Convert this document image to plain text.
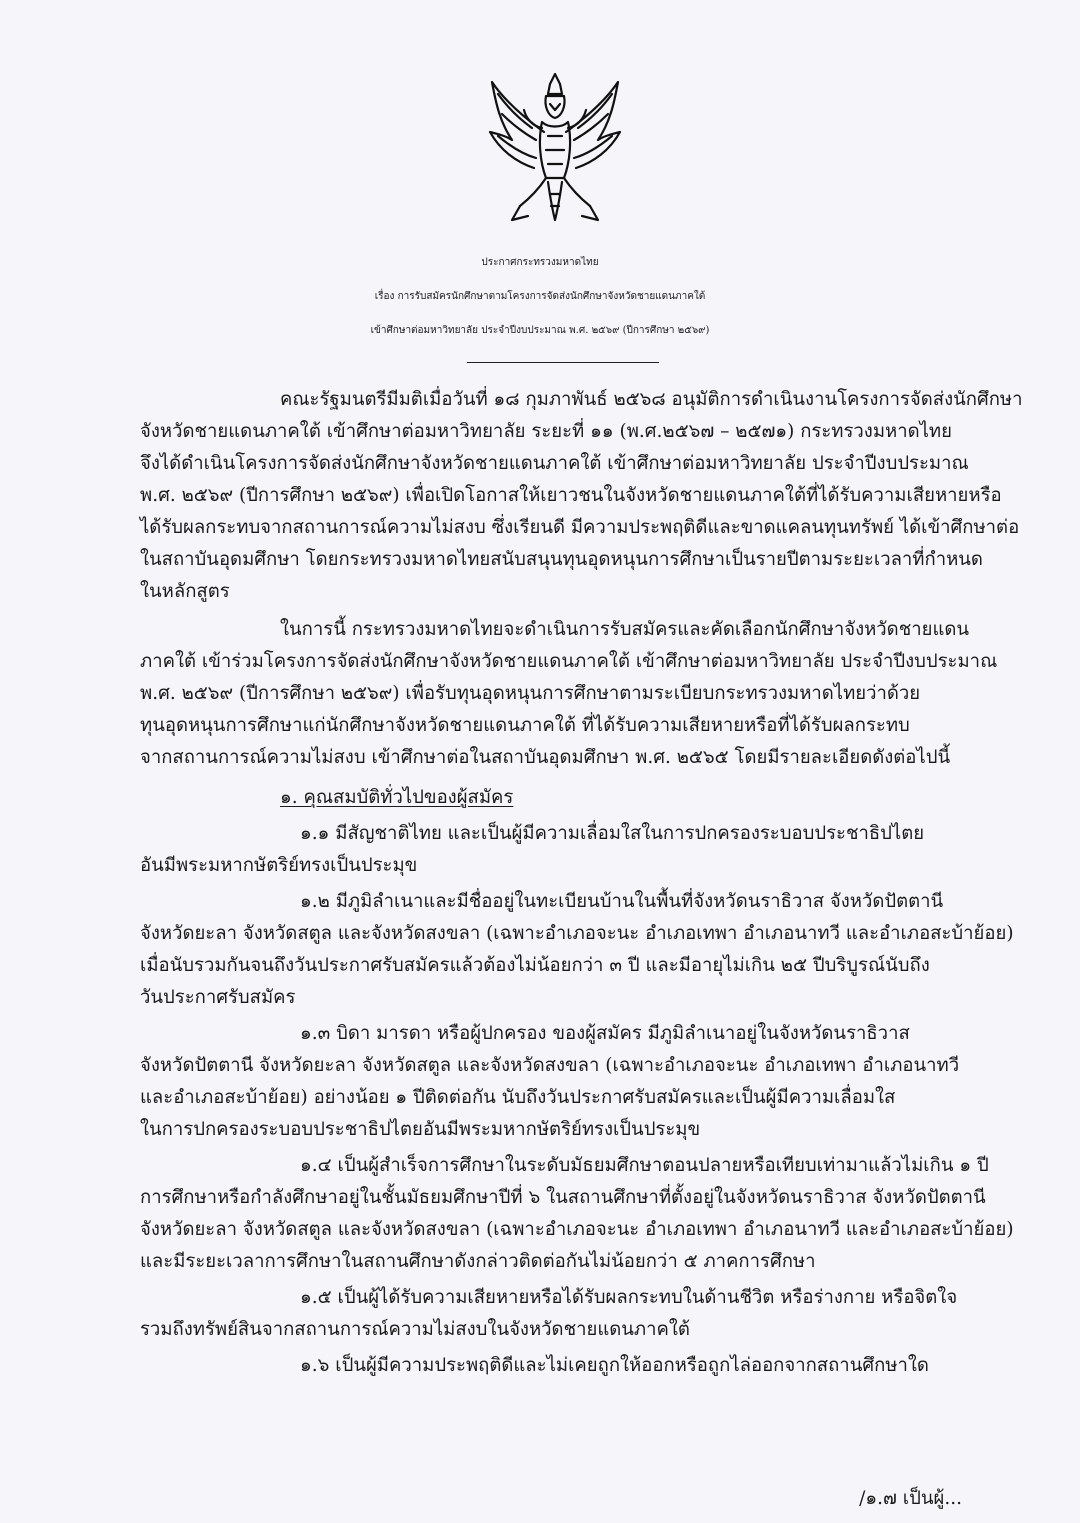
ประกาศกระทรวงมหาดไทย
เรื่อง การรับสมัครนักศึกษาตามโครงการจัดส่งนักศึกษาจังหวัดชายแดนภาคใต้
เข้าศึกษาต่อมหาวิทยาลัย ประจำปีงบประมาณ พ.ศ. ๒๕๖๙ (ปีการศึกษา ๒๕๖๙)
คณะรัฐมนตรีมีมติเมื่อวันที่ ๑๘ กุมภาพันธ์ ๒๕๖๘ อนุมัติการดำเนินงานโครงการจัดส่งนักศึกษา
จังหวัดชายแดนภาคใต้ เข้าศึกษาต่อมหาวิทยาลัย ระยะที่ ๑๑ (พ.ศ.๒๕๖๗ – ๒๕๗๑) กระทรวงมหาดไทย
จึงได้ดำเนินโครงการจัดส่งนักศึกษาจังหวัดชายแดนภาคใต้ เข้าศึกษาต่อมหาวิทยาลัย ประจำปีงบประมาณ
พ.ศ. ๒๕๖๙ (ปีการศึกษา ๒๕๖๙) เพื่อเปิดโอกาสให้เยาวชนในจังหวัดชายแดนภาคใต้ที่ได้รับความเสียหายหรือ
ได้รับผลกระทบจากสถานการณ์ความไม่สงบ ซึ่งเรียนดี มีความประพฤติดีและขาดแคลนทุนทรัพย์ ได้เข้าศึกษาต่อ
ในสถาบันอุดมศึกษา โดยกระทรวงมหาดไทยสนับสนุนทุนอุดหนุนการศึกษาเป็นรายปีตามระยะเวลาที่กำหนด
ในหลักสูตร
ในการนี้ กระทรวงมหาดไทยจะดำเนินการรับสมัครและคัดเลือกนักศึกษาจังหวัดชายแดน
ภาคใต้ เข้าร่วมโครงการจัดส่งนักศึกษาจังหวัดชายแดนภาคใต้ เข้าศึกษาต่อมหาวิทยาลัย ประจำปีงบประมาณ
พ.ศ. ๒๕๖๙ (ปีการศึกษา ๒๕๖๙) เพื่อรับทุนอุดหนุนการศึกษาตามระเบียบกระทรวงมหาดไทยว่าด้วย
ทุนอุดหนุนการศึกษาแก่นักศึกษาจังหวัดชายแดนภาคใต้ ที่ได้รับความเสียหายหรือที่ได้รับผลกระทบ
จากสถานการณ์ความไม่สงบ เข้าศึกษาต่อในสถาบันอุดมศึกษา พ.ศ. ๒๕๖๕ โดยมีรายละเอียดดังต่อไปนี้
๑. คุณสมบัติทั่วไปของผู้สมัคร
๑.๑ มีสัญชาติไทย และเป็นผู้มีความเลื่อมใสในการปกครองระบอบประชาธิปไตย
อันมีพระมหากษัตริย์ทรงเป็นประมุข
๑.๒ มีภูมิลำเนาและมีชื่ออยู่ในทะเบียนบ้านในพื้นที่จังหวัดนราธิวาส จังหวัดปัตตานี
จังหวัดยะลา จังหวัดสตูล และจังหวัดสงขลา (เฉพาะอำเภอจะนะ อำเภอเทพา อำเภอนาทวี และอำเภอสะบ้าย้อย)
เมื่อนับรวมกันจนถึงวันประกาศรับสมัครแล้วต้องไม่น้อยกว่า ๓ ปี และมีอายุไม่เกิน ๒๕ ปีบริบูรณ์นับถึง
วันประกาศรับสมัคร
๑.๓ บิดา มารดา หรือผู้ปกครอง ของผู้สมัคร มีภูมิลำเนาอยู่ในจังหวัดนราธิวาส
จังหวัดปัตตานี จังหวัดยะลา จังหวัดสตูล และจังหวัดสงขลา (เฉพาะอำเภอจะนะ อำเภอเทพา อำเภอนาทวี
และอำเภอสะบ้าย้อย) อย่างน้อย ๑ ปีติดต่อกัน นับถึงวันประกาศรับสมัครและเป็นผู้มีความเลื่อมใส
ในการปกครองระบอบประชาธิปไตยอันมีพระมหากษัตริย์ทรงเป็นประมุข
๑.๔ เป็นผู้สำเร็จการศึกษาในระดับมัธยมศึกษาตอนปลายหรือเทียบเท่ามาแล้วไม่เกิน ๑ ปี
การศึกษาหรือกำลังศึกษาอยู่ในชั้นมัธยมศึกษาปีที่ ๖ ในสถานศึกษาที่ตั้งอยู่ในจังหวัดนราธิวาส จังหวัดปัตตานี
จังหวัดยะลา จังหวัดสตูล และจังหวัดสงขลา (เฉพาะอำเภอจะนะ อำเภอเทพา อำเภอนาทวี และอำเภอสะบ้าย้อย)
และมีระยะเวลาการศึกษาในสถานศึกษาดังกล่าวติดต่อกันไม่น้อยกว่า ๕ ภาคการศึกษา
๑.๕ เป็นผู้ได้รับความเสียหายหรือได้รับผลกระทบในด้านชีวิต หรือร่างกาย หรือจิตใจ
รวมถึงทรัพย์สินจากสถานการณ์ความไม่สงบในจังหวัดชายแดนภาคใต้
/๑.๗ เป็นผู้...
๑.๖ เป็นผู้มีความประพฤติดีและไม่เคยถูกให้ออกหรือถูกไล่ออกจากสถานศึกษาใด
